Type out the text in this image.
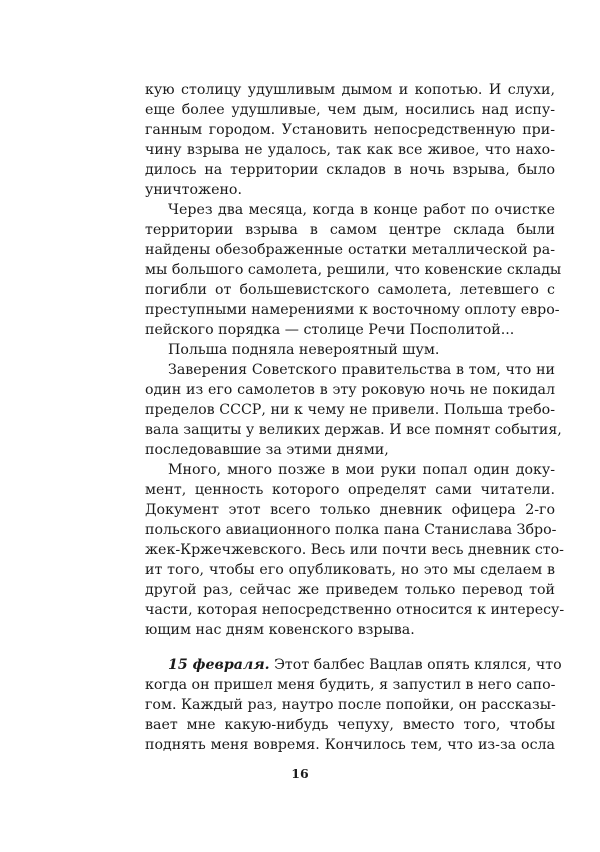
кую столицу удушливым дымом и копотью. И слухи,
еще более удушливые, чем дым, носились над испу-
ганным городом. Установить непосредственную при-
чину взрыва не удалось, так как все живое, что нахо-
дилось на территории складов в ночь взрыва, было
уничтожено.
Через два месяца, когда в конце работ по очистке
территории взрыва в самом центре склада были
найдены обезображенные остатки металлической ра-
мы большого самолета, решили, что ковенские склады
погибли от большевистского самолета, летевшего с
преступными намерениями к восточному оплоту евро-
пейского порядка — столице Речи Посполитой...
Польша подняла невероятный шум.
Заверения Советского правительства в том, что ни
один из его самолетов в эту роковую ночь не покидал
пределов СССР, ни к чему не привели. Польша требо-
вала защиты у великих держав. И все помнят события,
последовавшие за этими днями,
Много, много позже в мои руки попал один доку-
мент, ценность которого определят сами читатели.
Документ этот всего только дневник офицера 2-го
польского авиационного полка пана Станислава Збро-
жек-Кржечжевского. Весь или почти весь дневник сто-
ит того, чтобы его опубликовать, но это мы сделаем в
другой раз, сейчас же приведем только перевод той
части, которая непосредственно относится к интересу-
ющим нас дням ковенского взрыва.
15 февраля. Этот балбес Вацлав опять клялся, что
когда он пришел меня будить, я запустил в него сапо-
гом. Каждый раз, наутро после попойки, он рассказы-
вает мне какую-нибудь чепуху, вместо того, чтобы
поднять меня вовремя. Кончилось тем, что из-за осла
16
